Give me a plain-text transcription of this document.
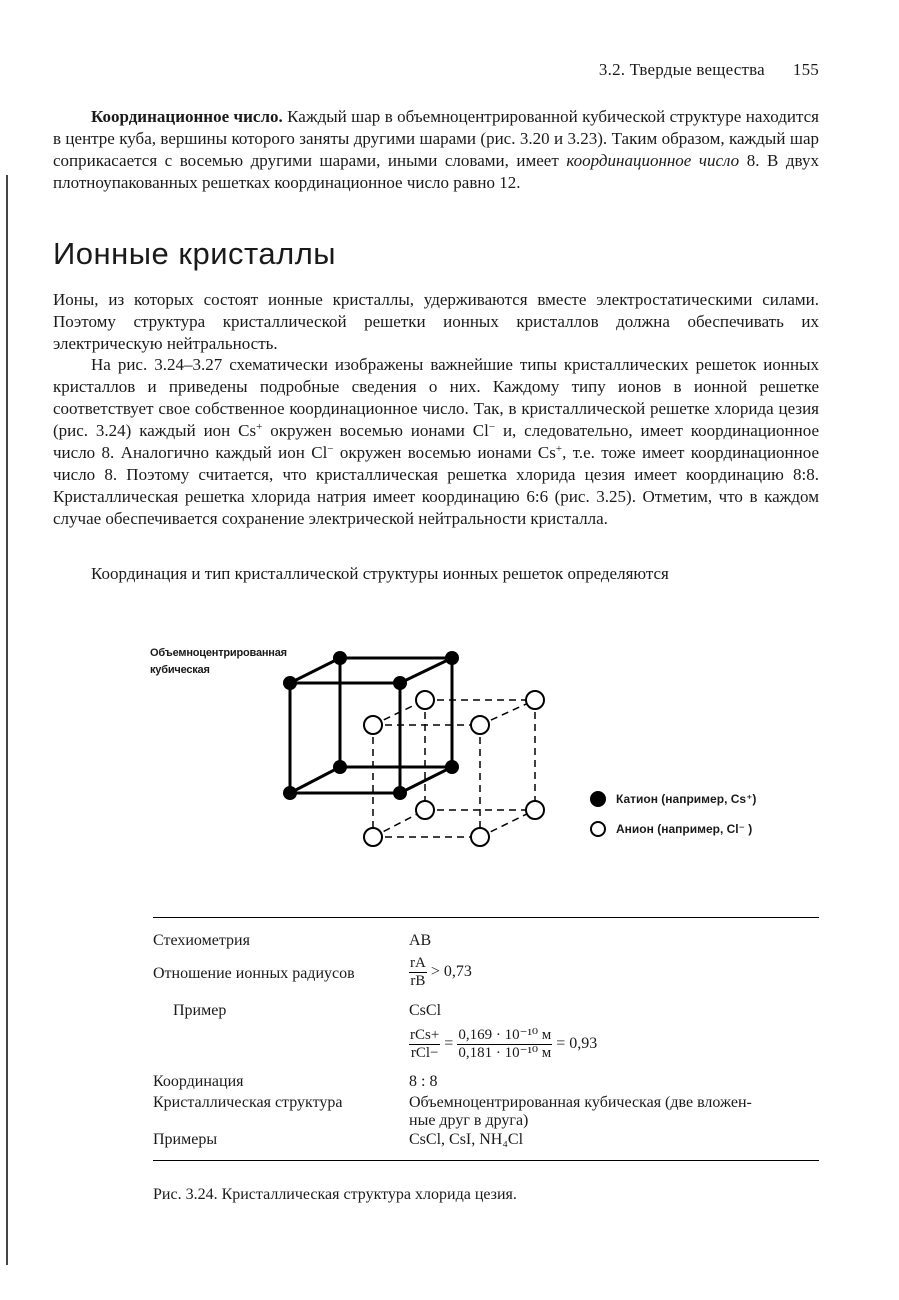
3.2. Твердые вещества 155

Координационное число. Каждый шар в объемноцентрированной кубической структуре находится в центре куба, вершины которого заняты другими шарами (рис. 3.20 и 3.23). Таким образом, каждый шар соприкасается с восемью другими шарами, иными словами, имеет координационное число 8. В двух плотноупакованных решетках координационное число равно 12.

Ионные кристаллы

Ионы, из которых состоят ионные кристаллы, удерживаются вместе электростатическими силами. Поэтому структура кристаллической решетки ионных кристаллов должна обеспечивать их электрическую нейтральность.

На рис. 3.24–3.27 схематически изображены важнейшие типы кристаллических решеток ионных кристаллов и приведены подробные сведения о них. Каждому типу ионов в ионной решетке соответствует свое собственное координационное число. Так, в кристаллической решетке хлорида цезия (рис. 3.24) каждый ион Cs+ окружен восемью ионами Cl− и, следовательно, имеет координационное число 8. Аналогично каждый ион Cl− окружен восемью ионами Cs+, т.е. тоже имеет координационное число 8. Поэтому считается, что кристаллическая решетка хлорида цезия имеет координацию 8:8. Кристаллическая решетка хлорида натрия имеет координацию 6:6 (рис. 3.25). Отметим, что в каждом случае обеспечивается сохранение электрической нейтральности кристалла.

Координация и тип кристаллической структуры ионных решеток определяются

Объемноцентрированная
кубическая
Катион (например, Cs⁺)
Анион (например, Cl⁻ )
Стехиометрия	AB
Отношение ионных радиусов	$\frac{rA}{rB} > 0,73$
Пример	CsCl
$\frac{\text{rCs+}}{\text{rCl−}} = \frac{\text{0,169 · 10⁻¹⁰ м}}{\text{0,181 · 10⁻¹⁰ м}} = 0,93$
Координация	8 : 8
Кристаллическая структура	Объемноцентрированная кубическая (две вложен-
ные друг в друга)
Примеры	CsCl, CsI, NH₄Cl
Рис. 3.24. Кристаллическая структура хлорида цезия.
